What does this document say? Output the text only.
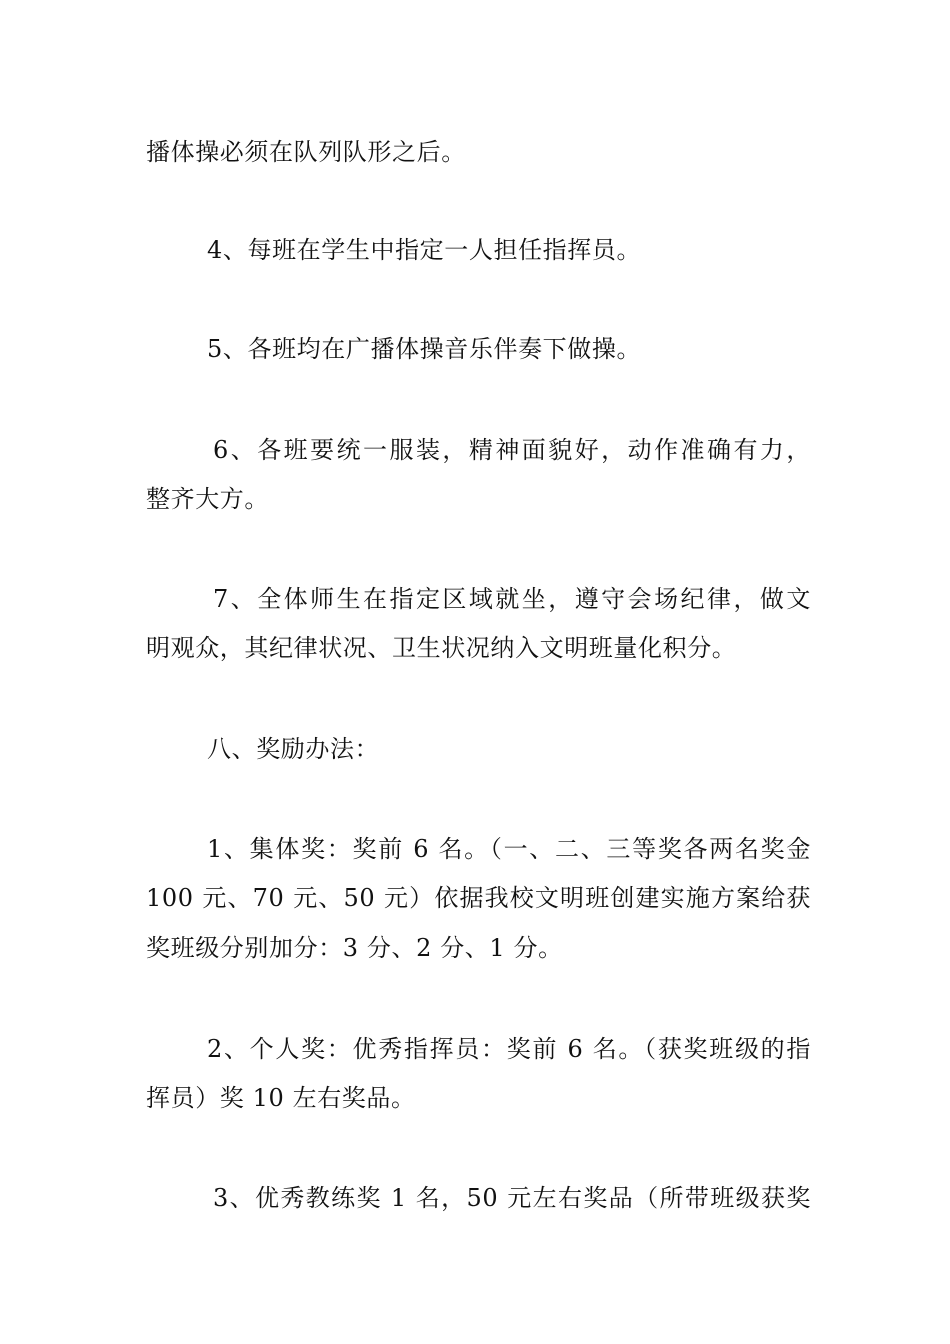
播体操必须在队列队形之后。
4、每班在学生中指定一人担任指挥员。
5、各班均在广播体操音乐伴奏下做操。
6、各班要统一服装，精神面貌好，动作准确有力，
整齐大方。
7、全体师生在指定区域就坐，遵守会场纪律，做文
明观众，其纪律状况、卫生状况纳入文明班量化积分。
八、奖励办法：
1、集体奖：奖前 6 名。（一、二、三等奖各两名奖金
100 元、70 元、50 元）依据我校文明班创建实施方案给获
奖班级分别加分：3 分、2 分、1 分。
2、个人奖：优秀指挥员：奖前 6 名。（获奖班级的指
挥员）奖 10 左右奖品。
3、优秀教练奖 1 名，50 元左右奖品（所带班级获奖
